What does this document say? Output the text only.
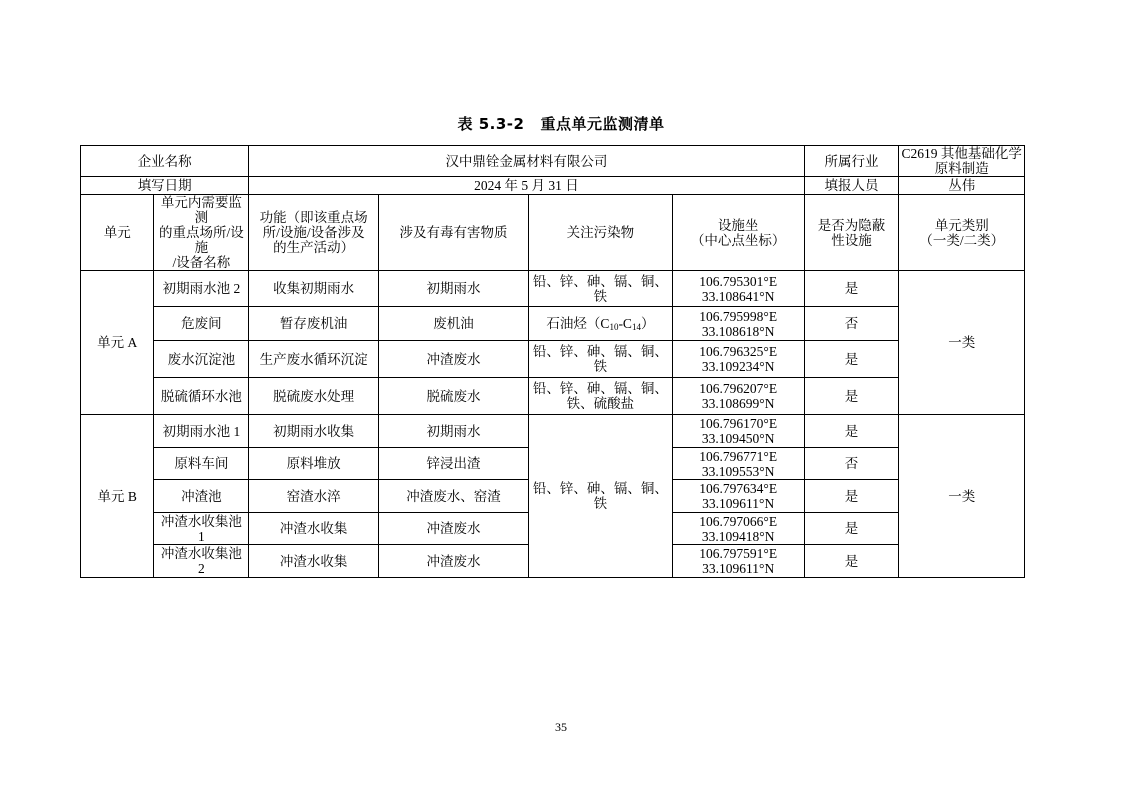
表 5.3-2 重点单元监测清单
企业名称		汉中鼎铨金属材料有限公司				所属行业	C2619 其他基础化学原料制造
填写日期		2024 年 5 月 31 日				填报人员	丛伟
单元	单元内需要监测
的重点场所/设施
/设备名称	功能（即该重点场
所/设施/设备涉及
的生产活动）	涉及有毒有害物质	关注污染物	设施坐
（中心点坐标）	是否为隐蔽
性设施	单元类别
（一类/二类）
单元 A	初期雨水池 2	收集初期雨水	初期雨水	铅、锌、砷、镉、铜、
铁	106.795301°E
33.108641°N	是	一类
	危废间	暂存废机油	废机油	石油烃$(C_{10}-C_{14})$	106.795998°E
33.108618°N	否	
	废水沉淀池	生产废水循环沉淀	冲渣废水	铅、锌、砷、镉、铜、
铁	106.796325°E
33.109234°N	是	
	脱硫循环水池	脱硫废水处理	脱硫废水	铅、锌、砷、镉、铜、
铁、硫酸盐	106.796207°E
33.108699°N	是	
单元 B	初期雨水池 1	初期雨水收集	初期雨水	铅、锌、砷、镉、铜、
铁	106.796170°E
33.109450°N	是	一类
	原料车间	原料堆放	锌浸出渣		106.796771°E
33.109553°N	否	
	冲渣池	窑渣水淬	冲渣废水、窑渣		106.797634°E
33.109611°N	是	
	冲渣水收集池 1	冲渣水收集	冲渣废水		106.797066°E
33.109418°N	是	
	冲渣水收集池 2	冲渣水收集	冲渣废水		106.797591°E
33.109611°N	是	
35
